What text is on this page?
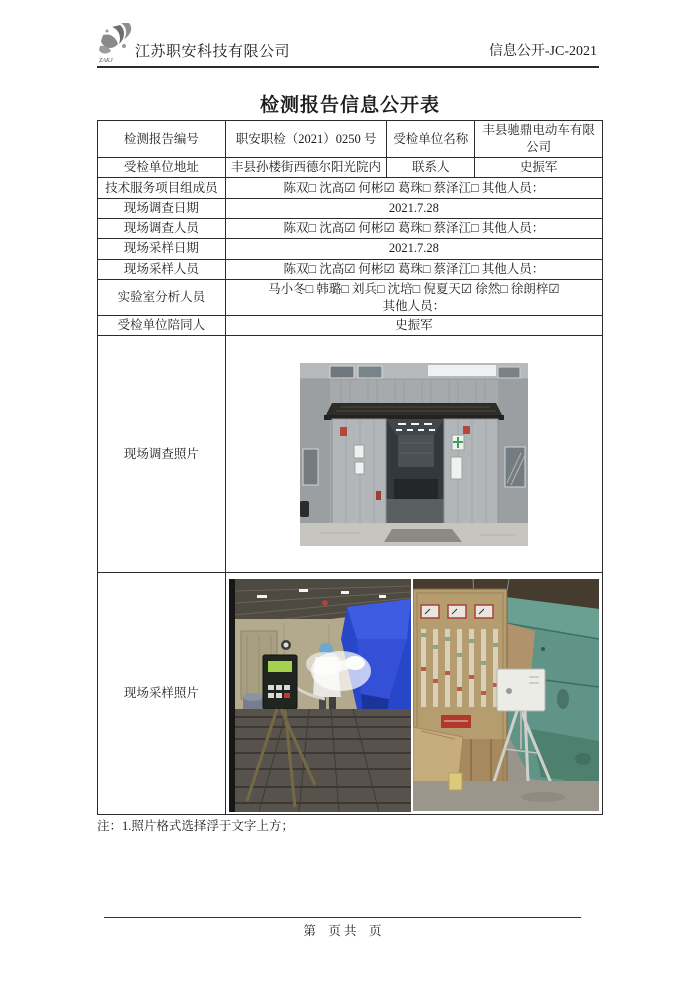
ZAKJ
江苏职安科技有限公司	信息公开-JC-2021
检测报告信息公开表
检测报告编号	职安职检（2021）0250 号	受检单位名称	丰县驰鼎电动车有限公司
受检单位地址	丰县孙楼街西德尔阳光院内	联系人	史振军
技术服务项目组成员	陈双□ 沈高☑ 何彬☑ 葛珠□ 蔡泽江□ 其他人员：		
现场调查日期	2021.7.28		
现场调查人员	陈双□ 沈高☑ 何彬☑ 葛珠□ 蔡泽江□ 其他人员：		
现场采样日期	2021.7.28		
现场采样人员	陈双□ 沈高☑ 何彬☑ 葛珠□ 蔡泽江□ 其他人员：		
实验室分析人员	马小冬□ 韩璐□ 刘兵□ 沈培□ 倪夏天☑ 徐然□ 徐朗梓☑
其他人员：		

受检单位陪同人	史振军		
现场调查照片	

现场采样照片	
注：1.照片格式选择浮于文字上方；
第　页 共　页
